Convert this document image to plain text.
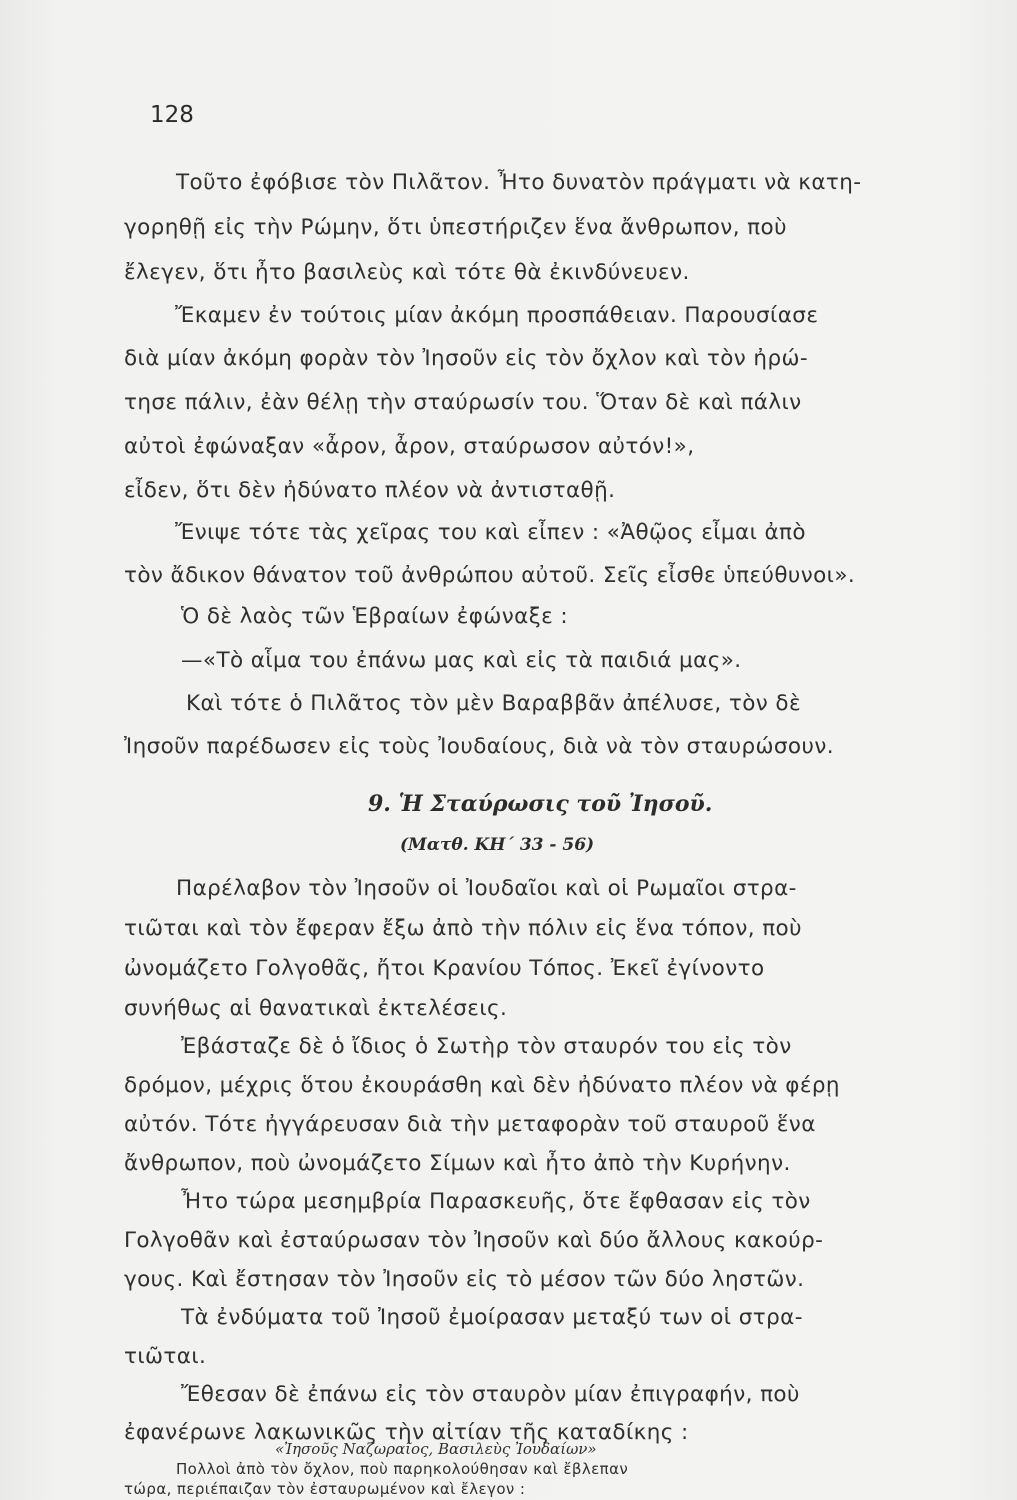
128
Τοῦτο ἐφόβισε τὸν Πιλᾶτον. Ἦτο δυνατὸν πράγματι νὰ κατη-
γορηθῇ εἰς τὴν Ρώμην, ὅτι ὑπεστήριζεν ἕνα ἄνθρωπον, ποὺ
ἔλεγεν, ὅτι ἦτο βασιλεὺς καὶ τότε θὰ ἐκινδύνευεν.
Ἔκαμεν ἐν τούτοις μίαν ἀκόμη προσπάθειαν. Παρουσίασε
διὰ μίαν ἀκόμη φορὰν τὸν Ἰησοῦν εἰς τὸν ὄχλον καὶ τὸν ἠρώ-
τησε πάλιν, ἐὰν θέλῃ τὴν σταύρωσίν του. Ὅταν δὲ καὶ πάλιν
αὐτοὶ ἐφώναξαν «ἆρον, ἆρον, σταύρωσον αὐτόν!»,
εἶδεν, ὅτι δὲν ἠδύνατο πλέον νὰ ἀντισταθῇ.
Ἔνιψε τότε τὰς χεῖρας του καὶ εἶπεν : «Ἀθῷος εἶμαι ἀπὸ
τὸν ἄδικον θάνατον τοῦ ἀνθρώπου αὐτοῦ. Σεῖς εἶσθε ὑπεύθυνοι».
Ὁ δὲ λαὸς τῶν Ἑβραίων ἐφώναξε :
—«Τὸ αἷμα του ἐπάνω μας καὶ εἰς τὰ παιδιά μας».
Καὶ τότε ὁ Πιλᾶτος τὸν μὲν Βαραββᾶν ἀπέλυσε, τὸν δὲ
Ἰησοῦν παρέδωσεν εἰς τοὺς Ἰουδαίους, διὰ νὰ τὸν σταυρώσουν.
9. Ἡ Σταύρωσις τοῦ Ἰησοῦ.
(Ματθ. ΚΗ΄ 33 - 56)
Παρέλαβον τὸν Ἰησοῦν οἱ Ἰουδαῖοι καὶ οἱ Ρωμαῖοι στρα-
τιῶται καὶ τὸν ἔφεραν ἔξω ἀπὸ τὴν πόλιν εἰς ἕνα τόπον, ποὺ
ὠνομάζετο Γολγοθᾶς, ἤτοι Κρανίου Τόπος. Ἐκεῖ ἐγίνοντο
συνήθως αἱ θανατικαὶ ἐκτελέσεις.
Ἐβάσταζε δὲ ὁ ἴδιος ὁ Σωτὴρ τὸν σταυρόν του εἰς τὸν
δρόμον, μέχρις ὅτου ἐκουράσθη καὶ δὲν ἠδύνατο πλέον νὰ φέρῃ
αὐτόν. Τότε ἠγγάρευσαν διὰ τὴν μεταφορὰν τοῦ σταυροῦ ἕνα
ἄνθρωπον, ποὺ ὠνομάζετο Σίμων καὶ ἦτο ἀπὸ τὴν Κυρήνην.
Ἦτο τώρα μεσημβρία Παρασκευῆς, ὅτε ἔφθασαν εἰς τὸν
Γολγοθᾶν καὶ ἐσταύρωσαν τὸν Ἰησοῦν καὶ δύο ἄλλους κακούρ-
γους. Καὶ ἔστησαν τὸν Ἰησοῦν εἰς τὸ μέσον τῶν δύο ληστῶν.
Τὰ ἐνδύματα τοῦ Ἰησοῦ ἐμοίρασαν μεταξύ των οἱ στρα-
τιῶται.
Ἔθεσαν δὲ ἐπάνω εἰς τὸν σταυρὸν μίαν ἐπιγραφήν, ποὺ
ἐφανέρωνε λακωνικῶς τὴν αἰτίαν τῆς καταδίκης :
«Ἰησοῦς Ναζωραῖος, Βασιλεὺς Ἰουδαίων»
Πολλοὶ ἀπὸ τὸν ὄχλον, ποὺ παρηκολούθησαν καὶ ἔβλεπαν
τώρα, περιέπαιζαν τὸν ἐσταυρωμένον καὶ ἔλεγον :
